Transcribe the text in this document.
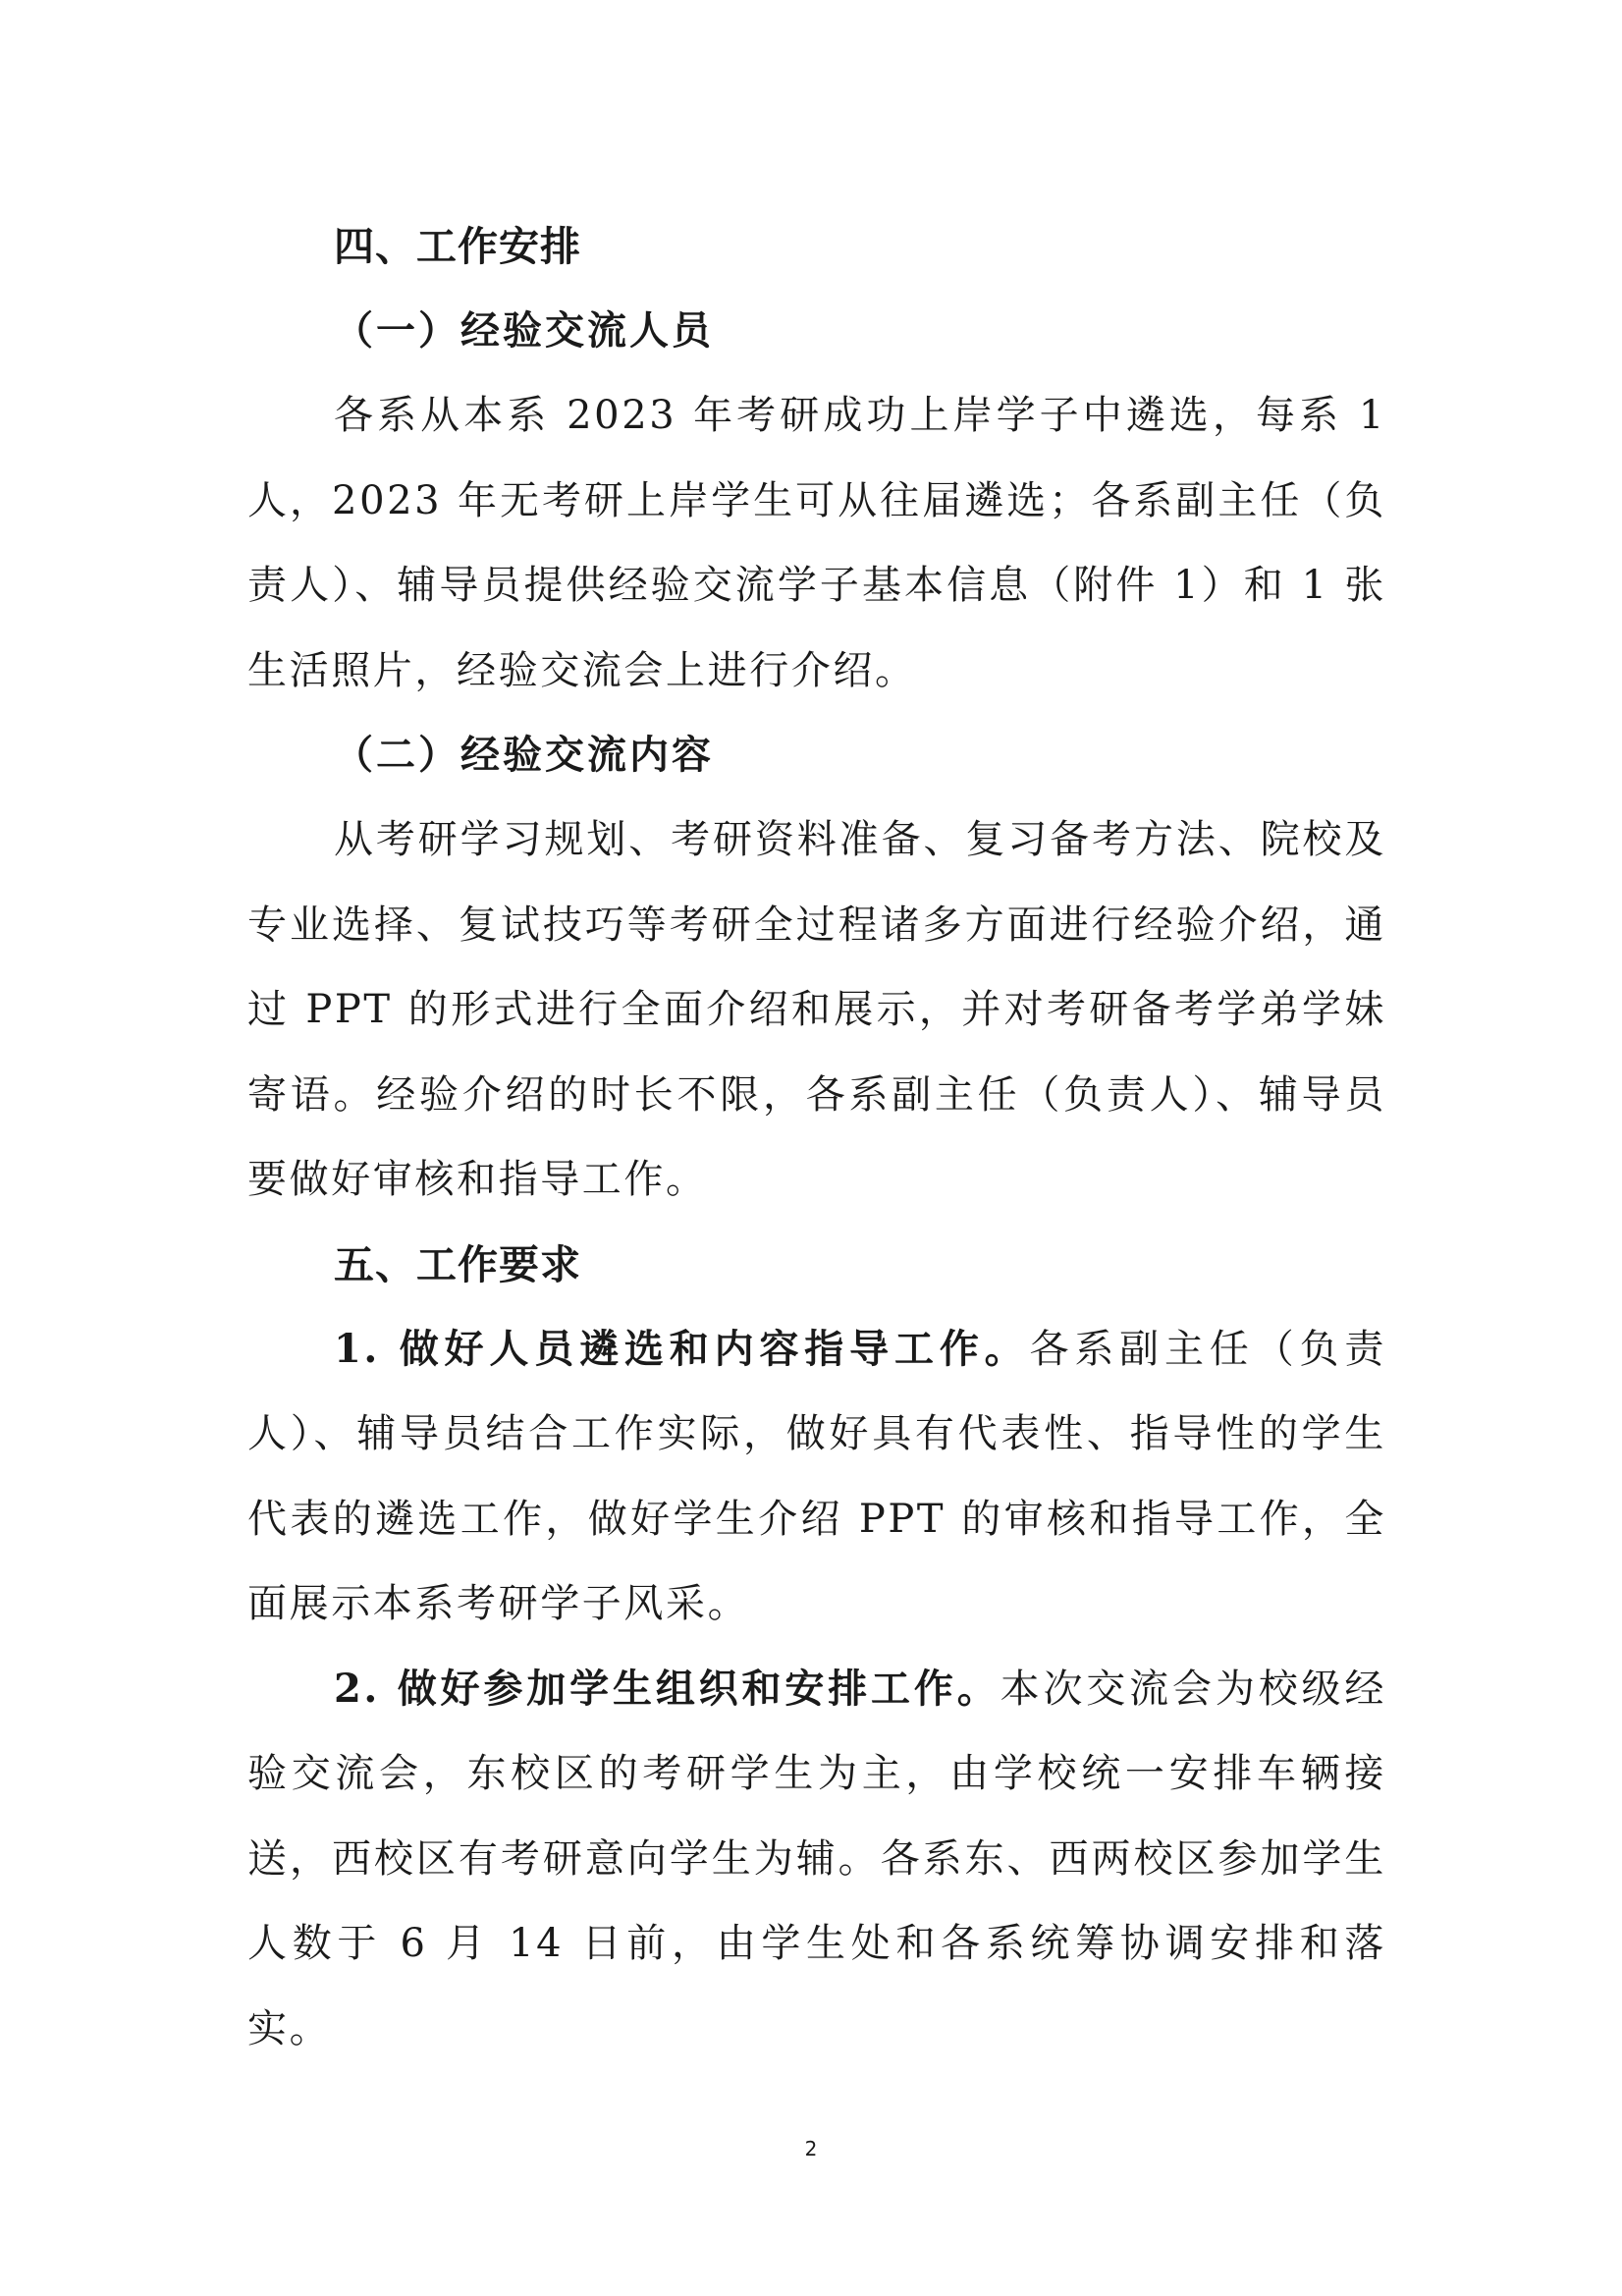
四、工作安排
（一）经验交流人员

各系从本系 2023 年考研成功上岸学子中遴选，每系 1 人，2023 年无考研上岸学生可从往届遴选；各系副主任（负责人）、辅导员提供经验交流学子基本信息（附件 1）和 1 张生活照片，经验交流会上进行介绍。

（二）经验交流内容

从考研学习规划、考研资料准备、复习备考方法、院校及专业选择、复试技巧等考研全过程诸多方面进行经验介绍，通过 PPT 的形式进行全面介绍和展示，并对考研备考学弟学妹寄语。经验介绍的时长不限，各系副主任（负责人）、辅导员要做好审核和指导工作。

五、工作要求

1. 做好人员遴选和内容指导工作。各系副主任（负责人）、辅导员结合工作实际，做好具有代表性、指导性的学生代表的遴选工作，做好学生介绍 PPT 的审核和指导工作，全面展示本系考研学子风采。

2. 做好参加学生组织和安排工作。本次交流会为校级经验交流会，东校区的考研学生为主，由学校统一安排车辆接送，西校区有考研意向学生为辅。各系东、西两校区参加学生人数于 6 月 14 日前，由学生处和各系统筹协调安排和落实。

2
